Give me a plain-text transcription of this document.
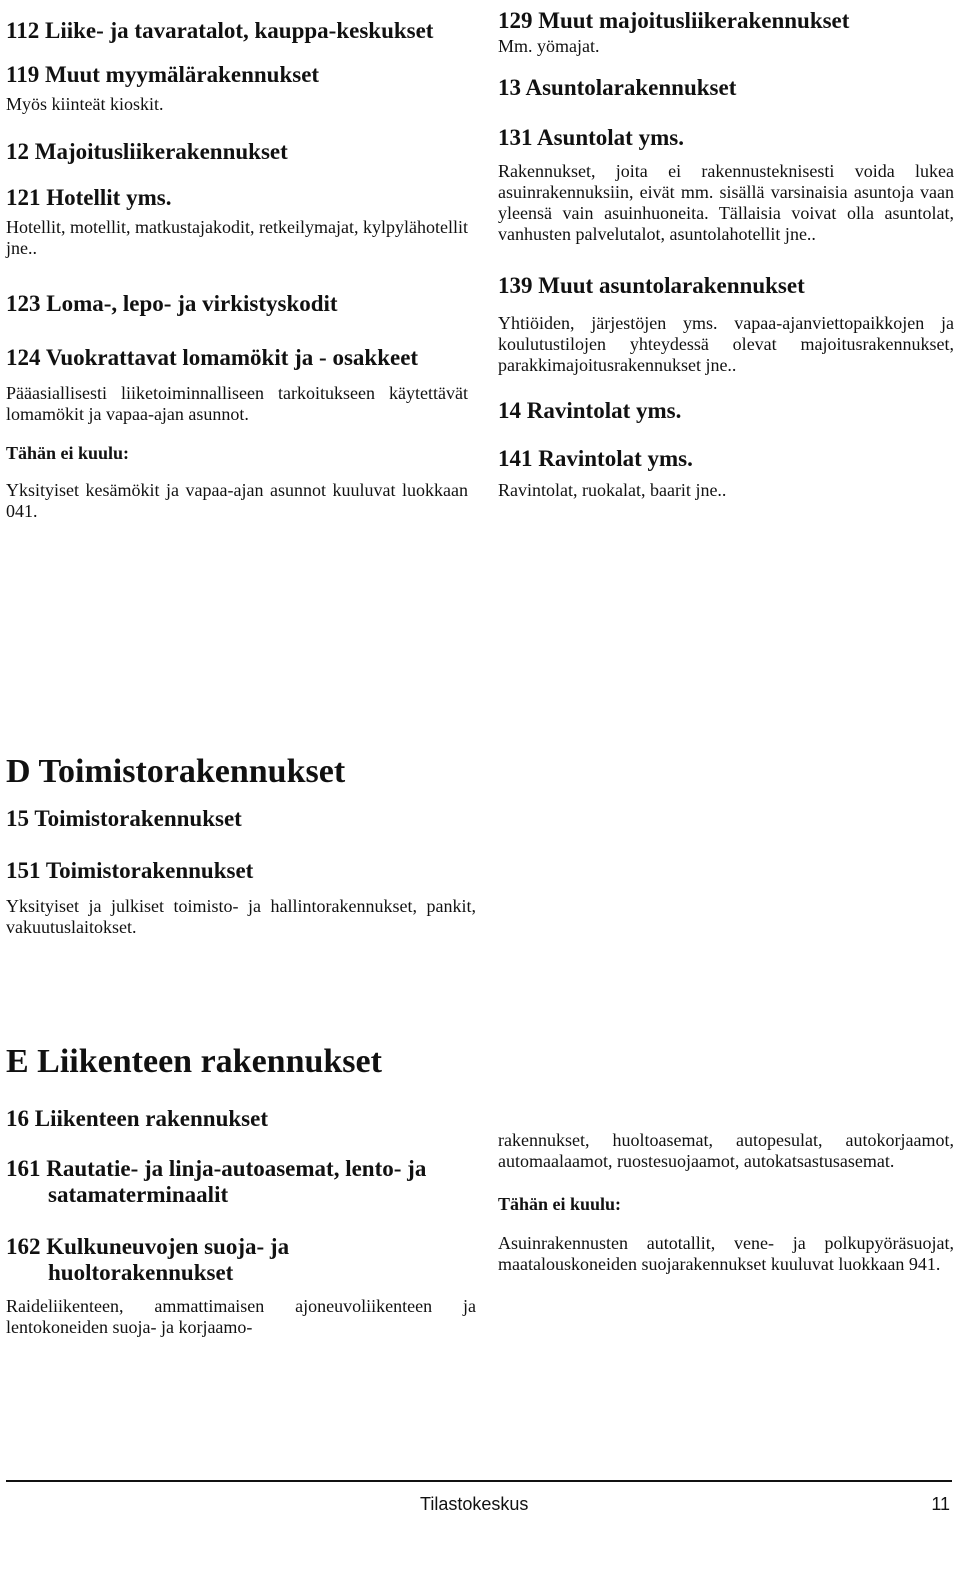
112 Liike- ja tavaratalot, kauppa-keskukset

119 Muut myymälärakennukset

Myös kiinteät kioskit.

12 Majoitusliikerakennukset

121 Hotellit yms.

Hotellit, motellit, matkustajakodit, retkeilymajat, kylpylähotellit jne..

123 Loma-, lepo- ja virkistyskodit

124 Vuokrattavat lomamökit ja - osakkeet

Pääasiallisesti liiketoiminnalliseen tarkoitukseen käytettävät lomamökit ja vapaa-ajan asunnot.

Tähän ei kuulu:

Yksityiset kesämökit ja vapaa-ajan asunnot kuuluvat luokkaan 041.

129 Muut majoitusliikerakennukset

Mm. yömajat.

13 Asuntolarakennukset

131 Asuntolat yms.

Rakennukset, joita ei rakennusteknisesti voida lukea asuinrakennuksiin, eivät mm. sisällä varsinaisia asuntoja vaan yleensä vain asuinhuoneita. Tällaisia voivat olla asuntolat, vanhusten palvelutalot, asuntolahotellit jne..

139 Muut asuntolarakennukset

Yhtiöiden, järjestöjen yms. vapaa-ajanviettopaikkojen ja koulutustilojen yhteydessä olevat majoitusrakennukset, parakkimajoitusrakennukset jne..

14 Ravintolat yms.

141 Ravintolat yms.

Ravintolat, ruokalat, baarit jne..

D Toimistorakennukset

15 Toimistorakennukset

151 Toimistorakennukset

Yksityiset ja julkiset toimisto- ja hallintorakennukset, pankit, vakuutuslaitokset.

E Liikenteen rakennukset

16 Liikenteen rakennukset

161 Rautatie- ja linja-autoasemat, lento- ja satamaterminaalit

162 Kulkuneuvojen suoja- ja huoltorakennukset

Raideliikenteen, ammattimaisen ajoneuvoliikenteen ja lentokoneiden suoja- ja korjaamo-

rakennukset, huoltoasemat, autopesulat, autokorjaamot, automaalaamot, ruostesuojaamot, autokatsastusasemat.

Tähän ei kuulu:

Asuinrakennusten autotallit, vene- ja polkupyöräsuojat, maatalouskoneiden suojarakennukset kuuluvat luokkaan 941.

Tilastokeskus	11
